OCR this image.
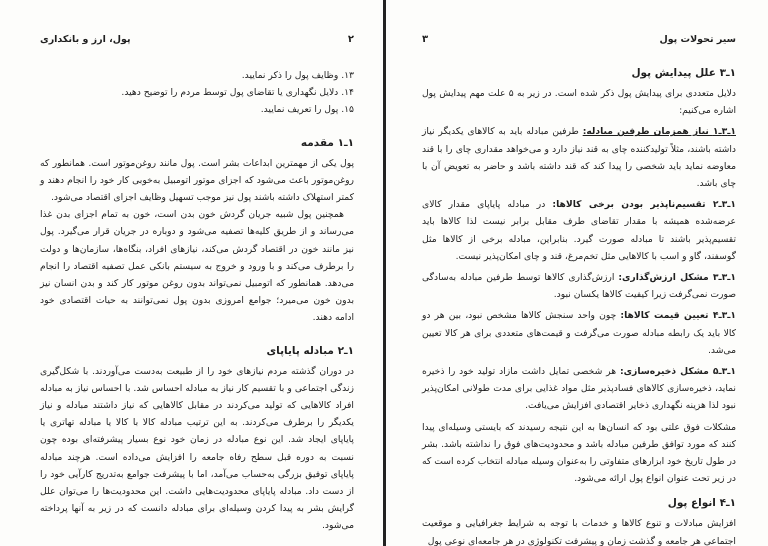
۲
پول، ارز و بانکداری
۱۳. وظایف پول را ذکر نمایید.
۱۴. دلایل نگهداری یا تقاضای پول توسط مردم را توضیح دهید.
۱۵. پول را تعریف نمایید.
۱ـ۱ مقدمه

پول یکی از مهمترین ابداعات بشر است. پول مانند روغن‌موتور است. همانطور که روغن‌موتور باعث می‌شود که اجزای موتور اتومبیل به‌خوبی کار خود را انجام دهند و کمتر استهلاک داشته باشند پول نیز موجب تسهیل وظایف اجزای اقتصاد می‌شود.

همچنین پول شبیه جریان گردش خون بدن است، خون به تمام اجزای بدن غذا می‌رساند و از طریق کلیه‌ها تصفیه می‌شود و دوباره در جریان قرار می‌گیرد. پول نیز مانند خون در اقتصاد گردش می‌کند، نیازهای افراد، بنگاه‌ها، سازمان‌ها و دولت را برطرف می‌کند و با ورود و خروج به سیستم بانکی عمل تصفیه اقتصاد را انجام می‌دهد. همانطور که اتومبیل نمی‌تواند بدون روغن موتور کار کند و بدن انسان نیز بدون خون می‌میرد؛ جوامع امروزی بدون پول نمی‌توانند به حیات اقتصادی خود ادامه دهند.

۱ـ۲ مبادله پایاپای

در دوران گذشته مردم نیازهای خود را از طبیعت به‌دست می‌آوردند. با شکل‌گیری زندگی اجتماعی و با تقسیم کار نیاز به مبادله احساس شد. با احساس نیاز به مبادله افراد کالاهایی که تولید می‌کردند در مقابل کالاهایی که نیاز داشتند مبادله و نیاز یکدیگر را برطرف می‌کردند. به این ترتیب مبادله کالا با کالا یا مبادله تهاتری یا پایاپای ایجاد شد. این نوع مبادله در زمان خود نوع بسیار پیشرفته‌ای بوده چون نسبت به دوره قبل سطح رفاه جامعه را افزایش می‌داده است. هرچند مبادله پایاپای توفیق بزرگی به‌حساب می‌آمد، اما با پیشرفت جوامع به‌تدریج کارآیی خود را از دست داد. مبادله پایاپای محدودیت‌هایی داشت. این محدودیت‌ها را می‌توان علل گرایش بشر به پیدا کردن وسیله‌ای برای مبادله دانست که در زیر به آنها پرداخته می‌شود.

سیر تحولات پول
۳
۱ـ۳ علل پیدایش پول

دلایل متعددی برای پیدایش پول ذکر شده است. در زیر به ۵ علت مهم پیدایش پول اشاره می‌کنیم:

۱ـ۳ـ۱ نیاز همزمان طرفین مبادله: طرفین مبادله باید به کالاهای یکدیگر نیاز داشته باشند، مثلاً تولیدکننده چای به قند نیاز دارد و می‌خواهد مقداری چای را با قند معاوضه نماید باید شخصی را پیدا کند که قند داشته باشد و حاضر به تعویض آن با چای باشد.

۱ـ۳ـ۲ تقسیم‌ناپذیر بودن برخی کالاها: در مبادله پایاپای مقدار کالای عرضه‌شده همیشه با مقدار تقاضای طرف مقابل برابر نیست لذا کالاها باید تقسیم‌پذیر باشند تا مبادله صورت گیرد. بنابراین، مبادله برخی از کالاها مثل گوسفند، گاو و اسب با کالاهایی مثل تخم‌مرغ، قند و چای امکان‌پذیر نیست.

۱ـ۳ـ۳ مشکل ارزش‌گذاری: ارزش‌گذاری کالاها توسط طرفین مبادله به‌سادگی صورت نمی‌گرفت زیرا کیفیت کالاها یکسان نبود.

۱ـ۳ـ۴ تعیین قیمت کالاها: چون واحد سنجش کالاها مشخص نبود، بین هر دو کالا باید یک رابطه مبادله صورت می‌گرفت و قیمت‌های متعددی برای هر کالا تعیین می‌شد.

۱ـ۳ـ۵ مشکل ذخیره‌سازی: هر شخصی تمایل داشت مازاد تولید خود را ذخیره نماید، ذخیره‌سازی کالاهای فسادپذیر مثل مواد غذایی برای مدت طولانی امکان‌پذیر نبود لذا هزینه نگهداری ذخایر اقتصادی افزایش می‌یافت.

مشکلات فوق علتی بود که انسان‌ها به این نتیجه رسیدند که بایستی وسیله‌ای پیدا کنند که مورد توافق طرفین مبادله باشد و محدودیت‌های فوق را نداشته باشد. بشر در طول تاریخ خود ابزارهای متفاوتی را به‌عنوان وسیله مبادله انتخاب کرده است که در زیر تحت عنوان انواع پول ارائه می‌شود.

۱ـ۴ انواع پول

افزایش مبادلات و تنوع کالاها و خدمات با توجه به شرایط جغرافیایی و موقعیت اجتماعی هر جامعه و گذشت زمان و پیشرفت تکنولوژی در هر جامعه‌ای نوعی پول
